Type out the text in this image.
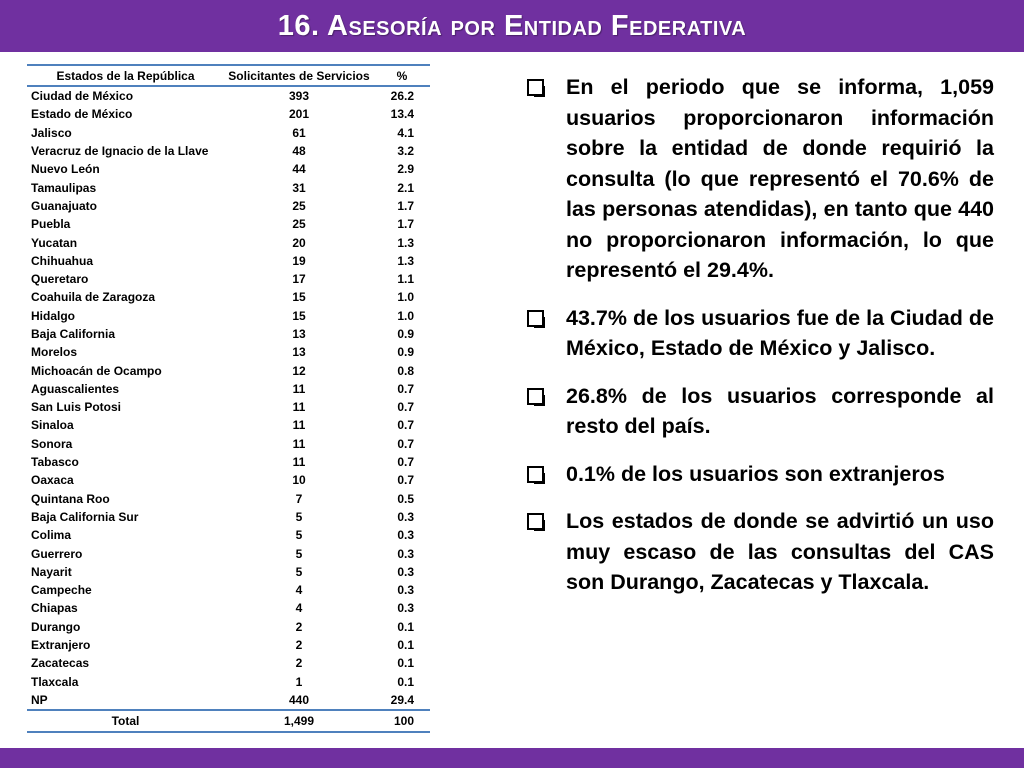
16. Asesoría por Entidad Federativa
Estados de la República	Solicitantes de Servicios	%
Ciudad de México	393	26.2
Estado de México	201	13.4
Jalisco	61	4.1
Veracruz de Ignacio de la Llave	48	3.2
Nuevo León	44	2.9
Tamaulipas	31	2.1
Guanajuato	25	1.7
Puebla	25	1.7
Yucatan	20	1.3
Chihuahua	19	1.3
Queretaro	17	1.1
Coahuila de Zaragoza	15	1.0
Hidalgo	15	1.0
Baja California	13	0.9
Morelos	13	0.9
Michoacán de Ocampo	12	0.8
Aguascalientes	11	0.7
San Luis Potosi	11	0.7
Sinaloa	11	0.7
Sonora	11	0.7
Tabasco	11	0.7
Oaxaca	10	0.7
Quintana Roo	7	0.5
Baja California Sur	5	0.3
Colima	5	0.3
Guerrero	5	0.3
Nayarit	5	0.3
Campeche	4	0.3
Chiapas	4	0.3
Durango	2	0.1
Extranjero	2	0.1
Zacatecas	2	0.1
Tlaxcala	1	0.1
NP	440	29.4
Total	1,499	100

En el periodo que se informa, 1,059 usuarios proporcionaron información sobre la entidad de donde requirió la consulta (lo que representó el 70.6% de las personas atendidas), en tanto que 440 no proporcionaron información, lo que representó el 29.4%.

43.7% de los usuarios fue de la Ciudad de México, Estado de México y Jalisco.

26.8% de los usuarios corresponde al resto del país.

0.1% de los usuarios son extranjeros

Los estados de donde se advirtió un uso muy escaso de las consultas del CAS son Durango, Zacatecas y Tlaxcala.
